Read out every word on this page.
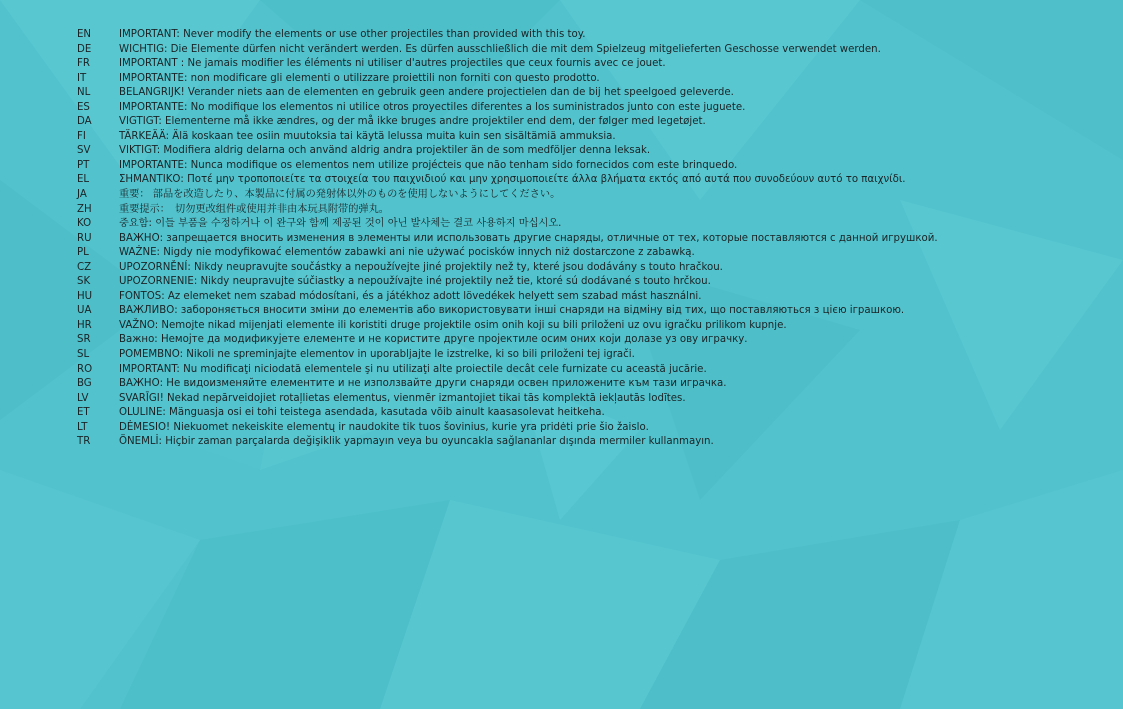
EN	IMPORTANT: Never modify the elements or use other projectiles than provided with this toy.
DE	WICHTIG: Die Elemente dürfen nicht verändert werden. Es dürfen ausschließlich die mit dem Spielzeug mitgelieferten Geschosse verwendet werden.
FR	IMPORTANT : Ne jamais modifier les éléments ni utiliser d'autres projectiles que ceux fournis avec ce jouet.
IT	IMPORTANTE: non modificare gli elementi o utilizzare proiettili non forniti con questo prodotto.
NL	BELANGRIJK! Verander niets aan de elementen en gebruik geen andere projectielen dan de bij het speelgoed geleverde.
ES	IMPORTANTE: No modifique los elementos ni utilice otros proyectiles diferentes a los suministrados junto con este juguete.
DA	VIGTIGT: Elementerne må ikke ændres, og der må ikke bruges andre projektiler end dem, der følger med legetøjet.
FI	TÄRKEÄÄ: Älä koskaan tee osiin muutoksia tai käytä lelussa muita kuin sen sisältämiä ammuksia.
SV	VIKTIGT: Modifiera aldrig delarna och använd aldrig andra projektiler än de som medföljer denna leksak.
PT	IMPORTANTE: Nunca modifique os elementos nem utilize projécteis que não tenham sido fornecidos com este brinquedo.
EL	ΣΗΜΑΝΤΙΚΟ: Ποτέ μην τροποποιείτε τα στοιχεία του παιχνιδιού και μην χρησιμοποιείτε άλλα βλήματα εκτός από αυτά που συνοδεύουν αυτό το παιχνίδι.
JA	重要： 部品を改造したり、本製品に付属の発射体以外のものを使用しないようにしてください。
ZH	重要提示：　切勿更改组件或使用并非由本玩具附带的弹丸。
KO	중요함: 이들 부품을 수정하거나 이 완구와 함께 제공된 것이 아닌 발사체는 결코 사용하지 마십시오.
RU	ВАЖНО: запрещается вносить изменения в элементы или использовать другие снаряды, отличные от тех, которые поставляются с данной игрушкой.
PL	WAŻNE: Nigdy nie modyfikować elementów zabawki ani nie używać pocisków innych niż dostarczone z zabawką.
CZ	UPOZORNĚNÍ: Nikdy neupravujte součástky a nepoužívejte jiné projektily než ty, které jsou dodávány s touto hračkou.
SK	UPOZORNENIE: Nikdy neupravujte súčiastky a nepoužívajte iné projektily než tie, ktoré sú dodávané s touto hrčkou.
HU	FONTOS: Az elemeket nem szabad módosítani, és a játékhoz adott lövedékek helyett sem szabad mást használni.
UA	ВАЖЛИВО: забороняється вносити зміни до елементів або використовувати інші снаряди на відміну від тих, що поставляються з цією іграшкою.
HR	VAŽNO: Nemojte nikad mijenjati elemente ili koristiti druge projektile osim onih koji su bili priloženi uz ovu igračku prilikom kupnje.
SR	Важно: Немојте да модификујете елементе и не користите друге пројектиле осим оних који долазе уз ову играчку.
SL	POMEMBNO: Nikoli ne spreminjajte elementov in uporabljajte le izstrelke, ki so bili priloženi tej igrači.
RO	IMPORTANT: Nu modificaţi niciodată elementele şi nu utilizaţi alte proiectile decât cele furnizate cu această jucărie.
BG	ВАЖНО: Не видоизменяйте елементите и не използвайте други снаряди освен приложените към тази играчка.
LV	SVARĪGI! Nekad nepārveidojiet rotaļlietas elementus, vienmēr izmantojiet tikai tās komplektā iekļautās lodītes.
ET	OLULINE: Mänguasja osi ei tohi teistega asendada, kasutada võib ainult kaasasolevat heitkeha.
LT	DĖMESIO! Niekuomet nekeiskite elementų ir naudokite tik tuos šovinius, kurie yra pridėti prie šio žaislo.
TR	ÖNEMLİ: Hiçbir zaman parçalarda değişiklik yapmayın veya bu oyuncakla sağlananlar dışında mermiler kullanmayın.
